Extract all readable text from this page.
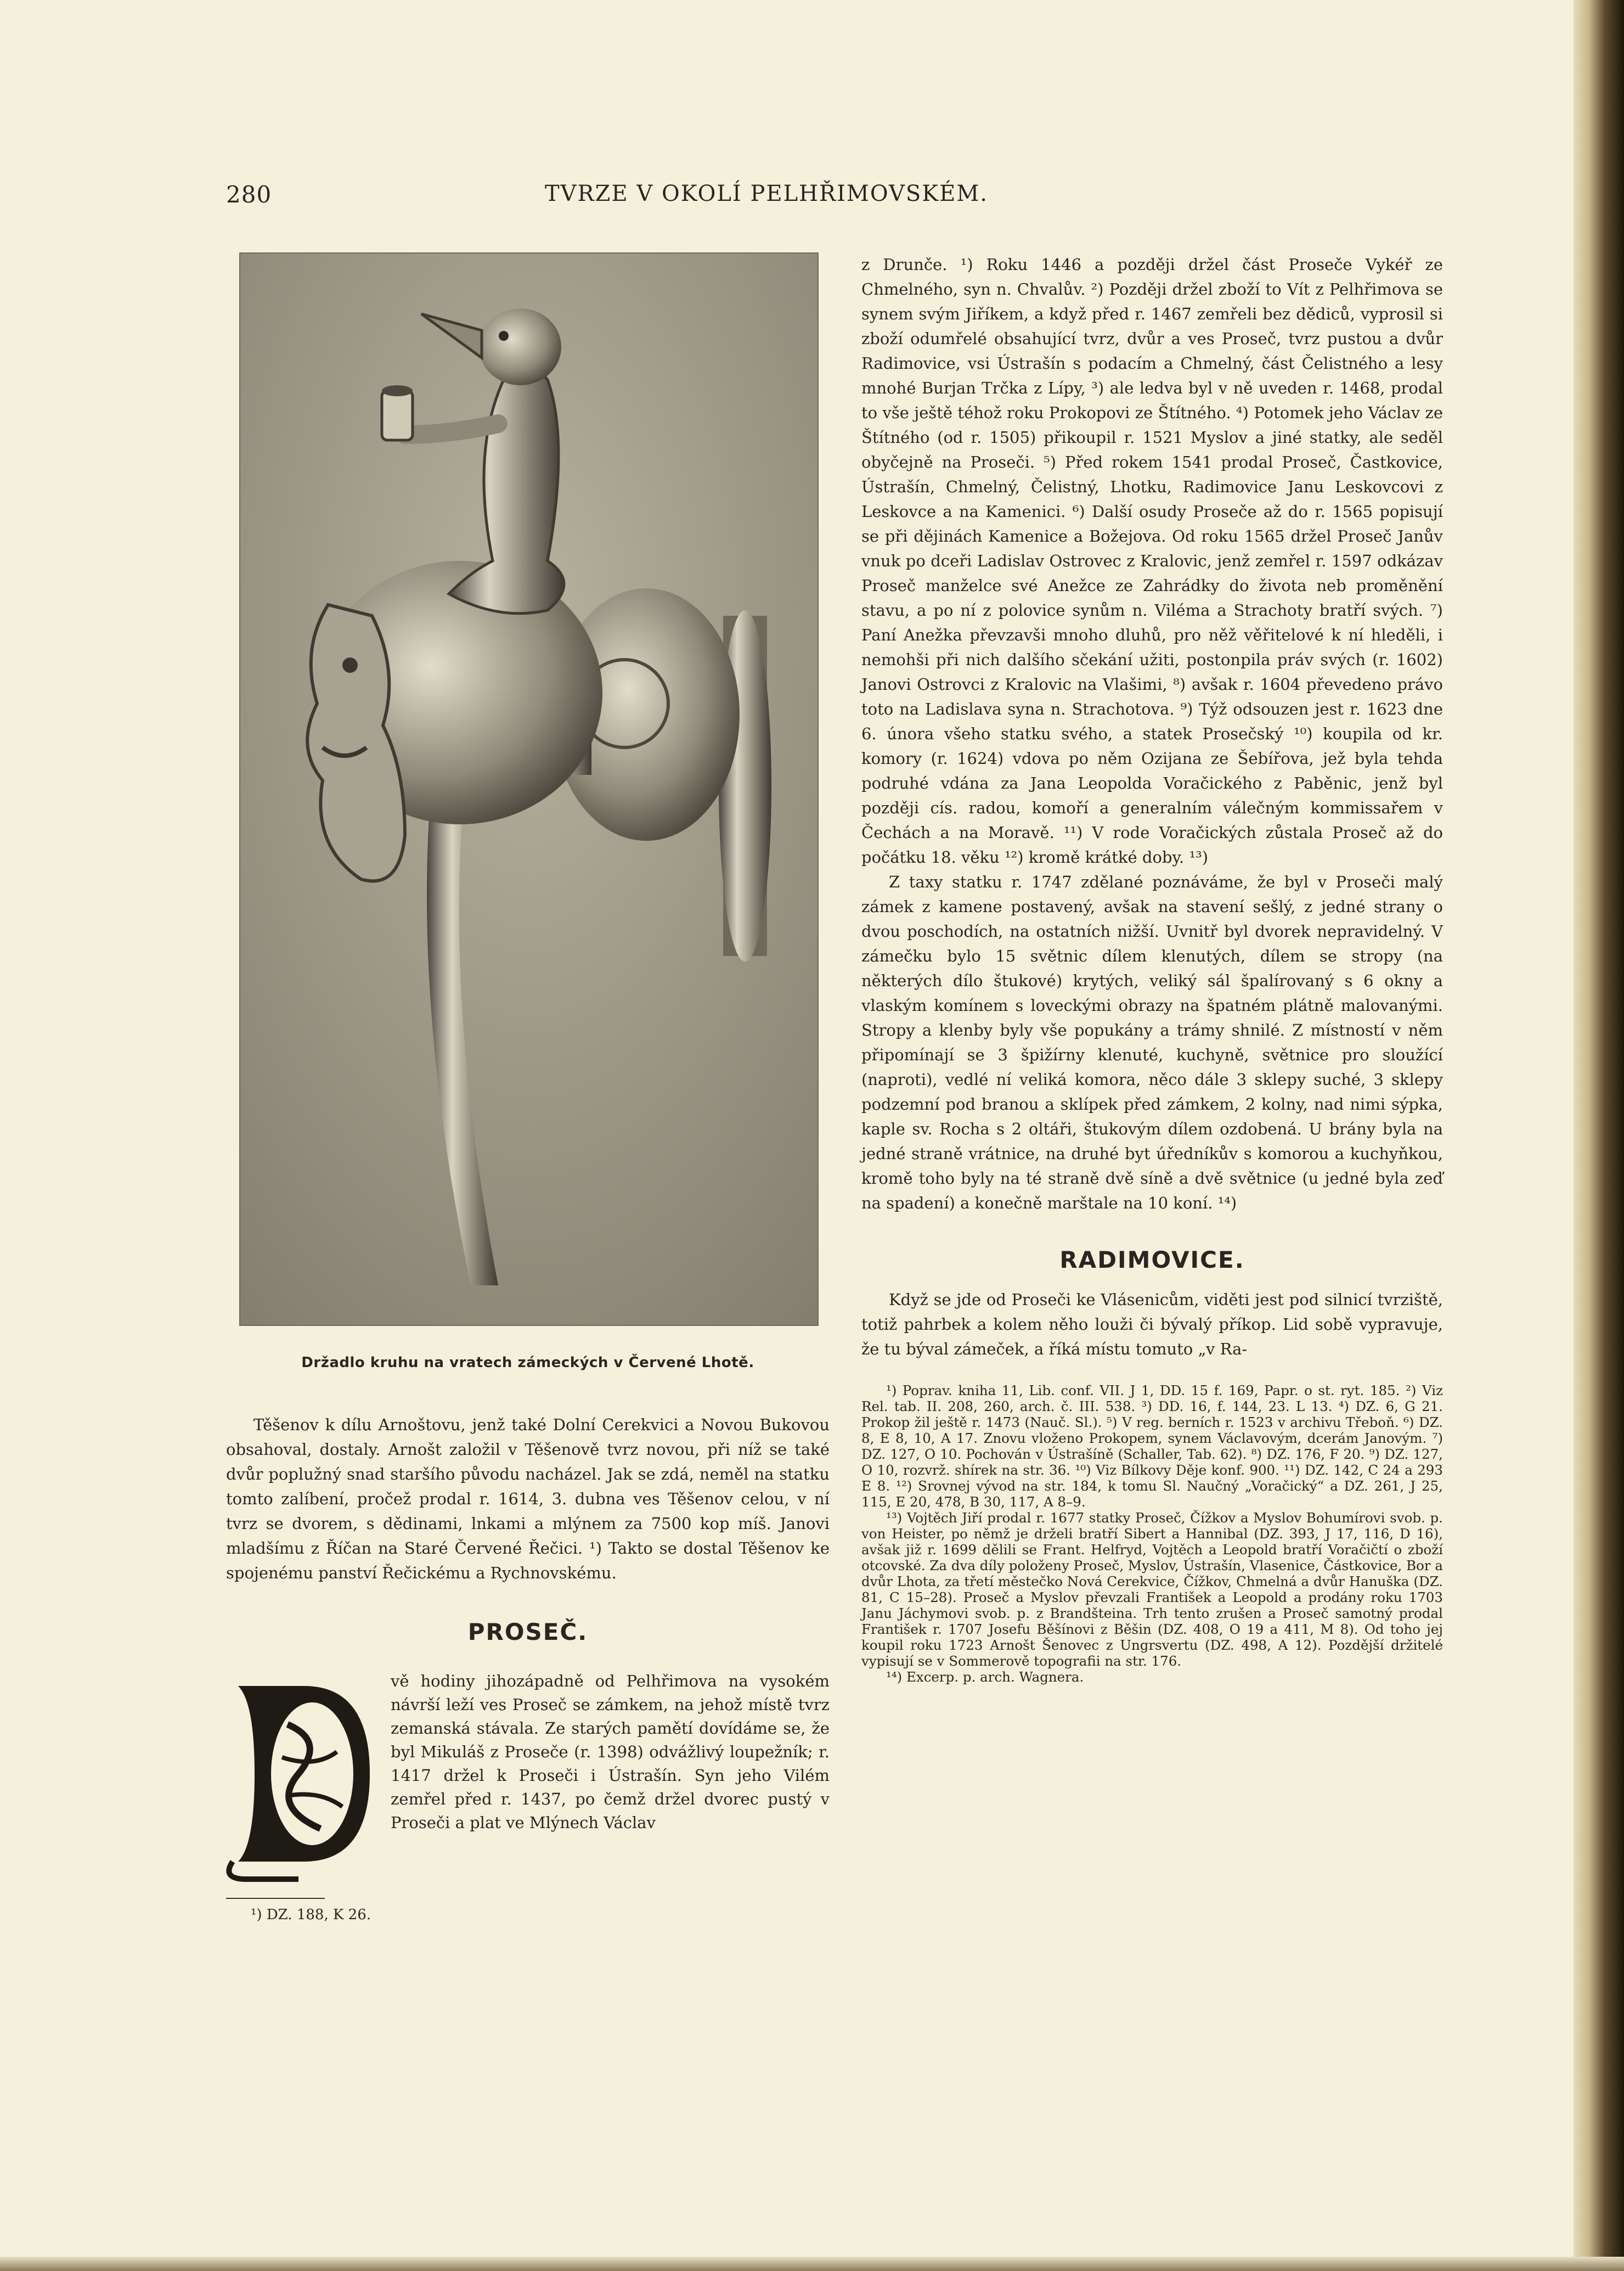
280	TVRZE V OKOLÍ PELHŘIMOVSKÉM.
Držadlo kruhu na vratech zámeckých v Červené Lhotě.

Těšenov k dílu Arnoštovu, jenž také Dolní Cerekvici a Novou Bukovou obsahoval, dostaly. Arnošt založil v Těšenově tvrz novou, při níž se také dvůr poplužný snad staršího původu nacházel. Jak se zdá, neměl na statku tomto zalíbení, pročež prodal r. 1614, 3. dubna ves Těšenov celou, v ní tvrz se dvorem, s dědinami, lnkami a mlýnem za 7500 kop míš. Janovi mladšímu z Říčan na Staré Červené Řečici. ¹) Takto se dostal Těšenov ke spojenému panství Řečickému a Rychnovskému.

PROSEČ.

vě hodiny jihozápadně od Pelhřimova na vysokém návrší leží ves Proseč se zámkem, na jehož místě tvrz zemanská stávala. Ze starých pamětí dovídáme se, že byl Mikuláš z Proseče (r. 1398) odvážlivý loupežník; r. 1417 držel k Proseči i Ústrašín. Syn jeho Vilém zemřel před r. 1437, po čemž držel dvorec pustý v Proseči a plat ve Mlýnech Václav

¹) DZ. 188, K 26.

z Drunče. ¹) Roku 1446 a později držel část Proseče Vykéř ze Chmelného, syn n. Chvalův. ²) Později držel zboží to Vít z Pelhřimova se synem svým Jiříkem, a když před r. 1467 zemřeli bez dědiců, vyprosil si zboží odumřelé obsahující tvrz, dvůr a ves Proseč, tvrz pustou a dvůr Radimovice, vsi Ústrašín s podacím a Chmelný, část Čelistného a lesy mnohé Burjan Trčka z Lípy, ³) ale ledva byl v ně uveden r. 1468, prodal to vše ještě téhož roku Prokopovi ze Štítného. ⁴) Potomek jeho Václav ze Štítného (od r. 1505) přikoupil r. 1521 Myslov a jiné statky, ale seděl obyčejně na Proseči. ⁵) Před rokem 1541 prodal Proseč, Častkovice, Ústrašín, Chmelný, Čelistný, Lhotku, Radimovice Janu Leskovcovi z Leskovce a na Kamenici. ⁶) Další osudy Proseče až do r. 1565 popisují se při dějinách Kamenice a Božejova. Od roku 1565 držel Proseč Janův vnuk po dceři Ladislav Ostrovec z Kralovic, jenž zemřel r. 1597 odkázav Proseč manželce své Anežce ze Zahrádky do života neb proměnění stavu, a po ní z polovice synům n. Viléma a Strachoty bratří svých. ⁷) Paní Anežka převzavši mnoho dluhů, pro něž věřitelové k ní hleděli, i nemohši při nich dalšího sčekání užiti, postonpila práv svých (r. 1602) Janovi Ostrovci z Kralovic na Vlašimi, ⁸) avšak r. 1604 převedeno právo toto na Ladislava syna n. Strachotova. ⁹) Týž odsouzen jest r. 1623 dne 6. února všeho statku svého, a statek Prosečský ¹⁰) koupila od kr. komory (r. 1624) vdova po něm Ozijana ze Šebířova, jež byla tehda podruhé vdána za Jana Leopolda Voračického z Paběnic, jenž byl později cís. radou, komoří a generalním válečným kommissařem v Čechách a na Moravě. ¹¹) V rode Voračických zůstala Proseč až do počátku 18. věku ¹²) kromě krátké doby. ¹³)

Z taxy statku r. 1747 zdělané poznáváme, že byl v Proseči malý zámek z kamene postavený, avšak na stavení sešlý, z jedné strany o dvou poschodích, na ostatních nižší. Uvnitř byl dvorek nepravidelný. V zámečku bylo 15 světnic dílem klenutých, dílem se stropy (na některých dílo štukové) krytých, veliký sál špalírovaný s 6 okny a vlaským komínem s loveckými obrazy na špatném plátně malovanými. Stropy a klenby byly vše popukány a trámy shnilé. Z místností v něm připomínají se 3 špižírny klenuté, kuchyně, světnice pro sloužící (naproti), vedlé ní veliká komora, něco dále 3 sklepy suché, 3 sklepy podzemní pod branou a sklípek před zámkem, 2 kolny, nad nimi sýpka, kaple sv. Rocha s 2 oltáři, štukovým dílem ozdobená. U brány byla na jedné straně vrátnice, na druhé byt úředníkův s komorou a kuchyňkou, kromě toho byly na té straně dvě síně a dvě světnice (u jedné byla zeď na spadení) a konečně marštale na 10 koní. ¹⁴)

RADIMOVICE.

Když se jde od Proseči ke Vlásenicům, viděti jest pod silnicí tvrziště, totiž pahrbek a kolem něho louži či bývalý příkop. Lid sobě vypravuje, že tu býval zámeček, a říká místu tomuto „v Ra-

¹) Poprav. kniha 11, Lib. conf. VII. J 1, DD. 15 f. 169, Papr. o st. ryt. 185. ²) Viz Rel. tab. II. 208, 260, arch. č. III. 538. ³) DD. 16, f. 144, 23. L 13. ⁴) DZ. 6, G 21. Prokop žil ještě r. 1473 (Nauč. Sl.). ⁵) V reg. berních r. 1523 v archivu Třeboň. ⁶) DZ. 8, E 8, 10, A 17. Znovu vloženo Prokopem, synem Václavovým, dcerám Janovým. ⁷) DZ. 127, O 10. Pochován v Ústrašíně (Schaller, Tab. 62). ⁸) DZ. 176, F 20. ⁹) DZ. 127, O 10, rozvrž. shírek na str. 36. ¹⁰) Viz Bílkovy Děje konf. 900. ¹¹) DZ. 142, C 24 a 293 E 8. ¹²) Srovnej vývod na str. 184, k tomu Sl. Naučný „Voračický“ a DZ. 261, J 25, 115, E 20, 478, B 30, 117, A 8–9.

¹³) Vojtěch Jiří prodal r. 1677 statky Proseč, Čížkov a Myslov Bohumírovi svob. p. von Heister, po němž je drželi bratří Sibert a Hannibal (DZ. 393, J 17, 116, D 16), avšak již r. 1699 dělili se Frant. Helfryd, Vojtěch a Leopold bratří Voračičtí o zboží otcovské. Za dva díly položeny Proseč, Myslov, Ústrašín, Vlasenice, Částkovice, Bor a dvůr Lhota, za třetí městečko Nová Cerekvice, Čížkov, Chmelná a dvůr Hanuška (DZ. 81, C 15–28). Proseč a Myslov převzali František a Leopold a prodány roku 1703 Janu Jáchymovi svob. p. z Brandšteina. Trh tento zrušen a Proseč samotný prodal František r. 1707 Josefu Běšínovi z Běšin (DZ. 408, O 19 a 411, M 8). Od toho jej koupil roku 1723 Arnošt Šenovec z Ungrsvertu (DZ. 498, A 12). Pozdější držitelé vypisují se v Sommerově topografii na str. 176.

¹⁴) Excerp. p. arch. Wagnera.
